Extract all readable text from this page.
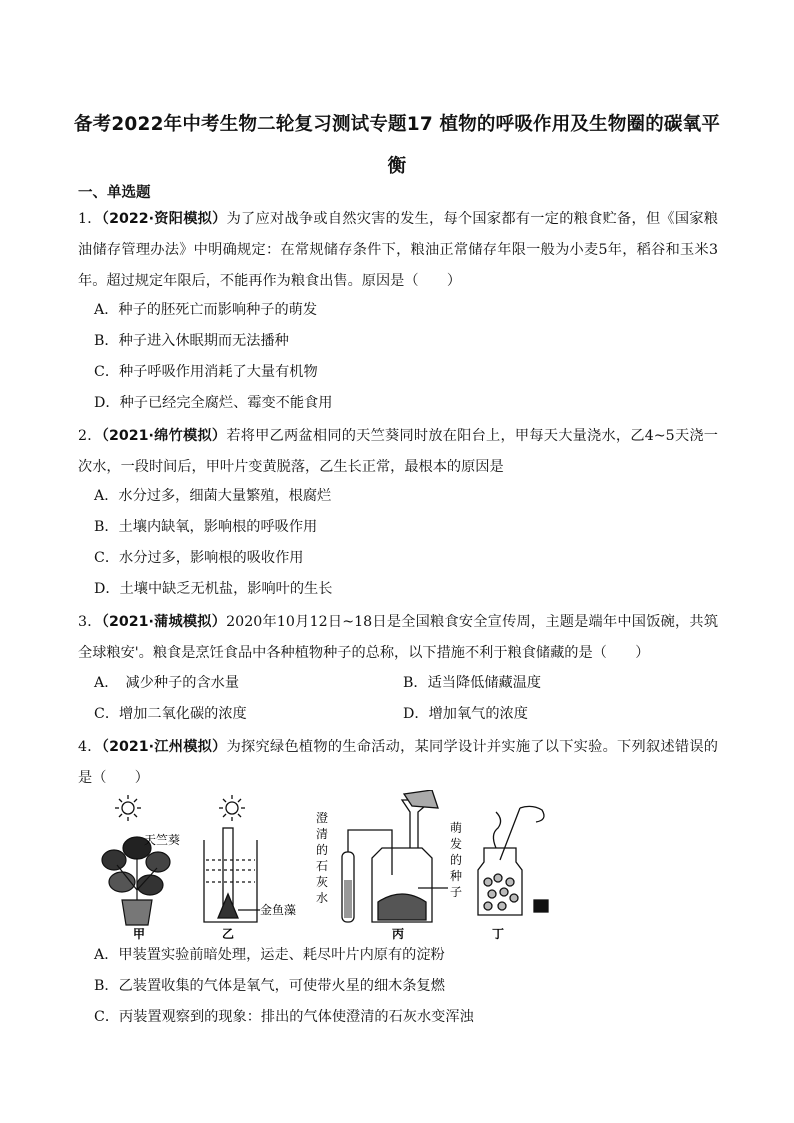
备考2022年中考生物二轮复习测试专题17 植物的呼吸作用及生物圈的碳氧平
衡
一、单选题
1．（2022·资阳模拟）为了应对战争或自然灾害的发生，每个国家都有一定的粮食贮备，但《国家粮油储存管理办法》中明确规定：在常规储存条件下，粮油正常储存年限一般为小麦5年，稻谷和玉米3年。超过规定年限后，不能再作为粮食出售。原因是（　　）
A．种子的胚死亡而影响种子的萌发
B．种子进入休眠期而无法播种
C．种子呼吸作用消耗了大量有机物
D．种子已经完全腐烂、霉变不能食用
2．（2021·绵竹模拟）若将甲乙两盆相同的天竺葵同时放在阳台上，甲每天大量浇水，乙4~5天浇一次水，一段时间后，甲叶片变黄脱落，乙生长正常，最根本的原因是
A．水分过多，细菌大量繁殖，根腐烂
B．土壤内缺氧，影响根的呼吸作用
C．水分过多，影响根的吸收作用
D．土壤中缺乏无机盐，影响叶的生长
3．（2021·蒲城模拟）2020年10月12日~18日是全国粮食安全宣传周，主题是端年中国饭碗，共筑全球粮安'。粮食是烹饪食品中各种植物种子的总称，以下措施不利于粮食储藏的是（　　）
A．　减少种子的含水量	B．适当降低储藏温度
C．增加二氧化碳的浓度	D．增加氧气的浓度
4．（2021·江州模拟）为探究绿色植物的生命活动，某同学设计并实施了以下实验。下列叙述错误的是（　　）
天竺葵
甲
金鱼藻
乙
澄
清
的
石
灰
水
丙
萌
发
的
种
子
丁
A．甲装置实验前暗处理，运走、耗尽叶片内原有的淀粉
B．乙装置收集的气体是氧气，可使带火星的细木条复燃
C．丙装置观察到的现象：排出的气体使澄清的石灰水变浑浊
